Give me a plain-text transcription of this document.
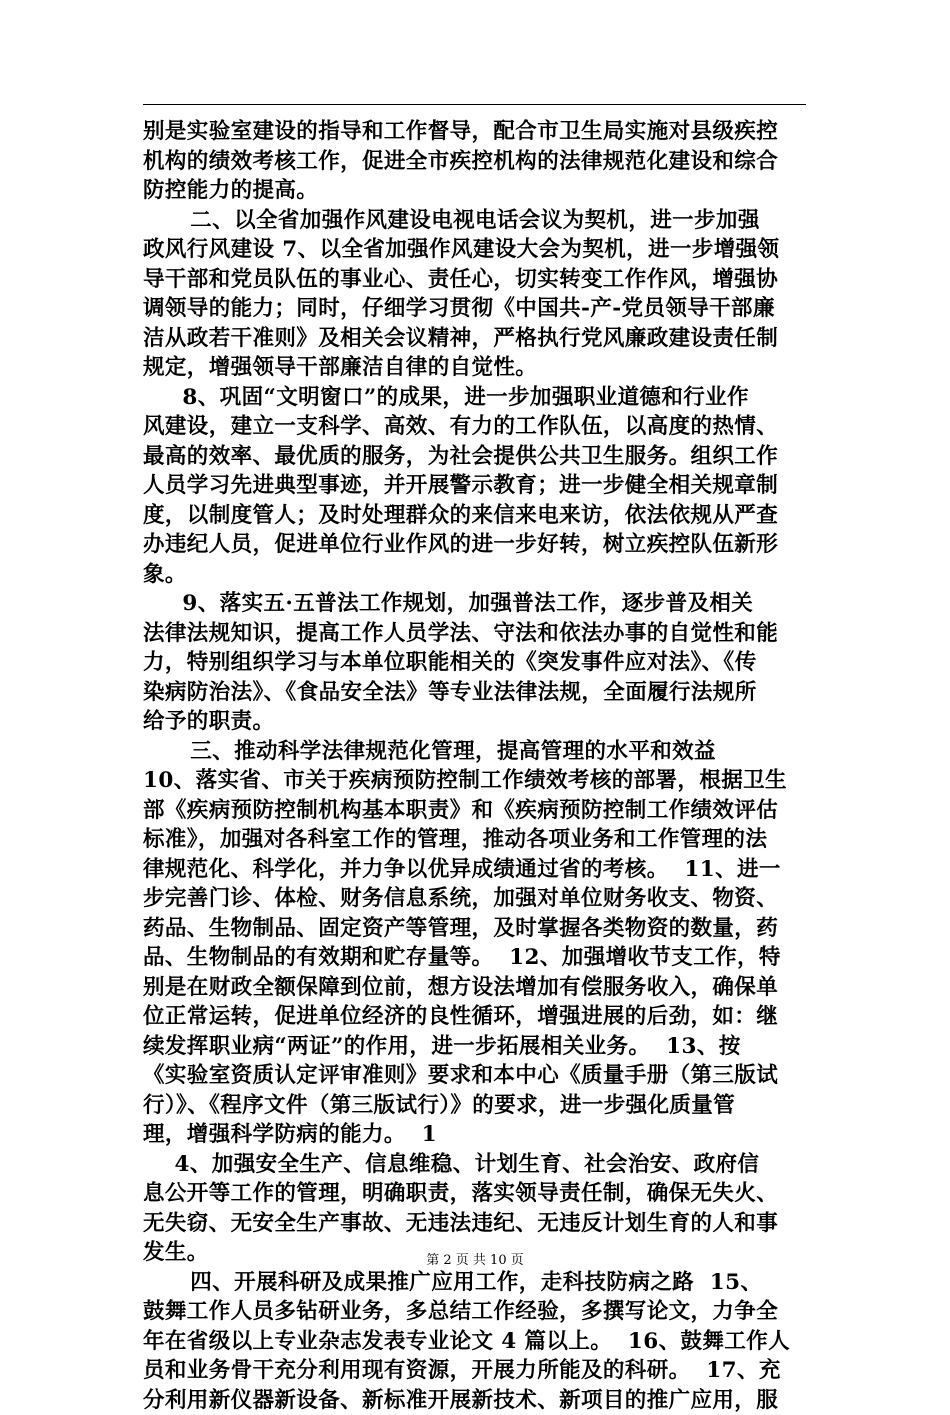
别是实验室建设的指导和工作督导，配合市卫生局实施对县级疾控
机构的绩效考核工作，促进全市疾控机构的法律规范化建设和综合
防控能力的提高。
二、以全省加强作风建设电视电话会议为契机，进一步加强
政风行风建设 7、以全省加强作风建设大会为契机，进一步增强领
导干部和党员队伍的事业心、责任心，切实转变工作作风，增强协
调领导的能力；同时，仔细学习贯彻《中国共-产-党员领导干部廉
洁从政若干准则》及相关会议精神，严格执行党风廉政建设责任制
规定，增强领导干部廉洁自律的自觉性。
8、巩固“文明窗口”的成果，进一步加强职业道德和行业作
风建设，建立一支科学、高效、有力的工作队伍，以高度的热情、
最高的效率、最优质的服务，为社会提供公共卫生服务。组织工作
人员学习先进典型事迹，并开展警示教育；进一步健全相关规章制
度，以制度管人；及时处理群众的来信来电来访，依法依规从严查
办违纪人员，促进单位行业作风的进一步好转，树立疾控队伍新形
象。
9、落实五·五普法工作规划，加强普法工作，逐步普及相关
法律法规知识，提高工作人员学法、守法和依法办事的自觉性和能
力，特别组织学习与本单位职能相关的《突发事件应对法》、《传
染病防治法》、《食品安全法》等专业法律法规，全面履行法规所
给予的职责。
三、推动科学法律规范化管理，提高管理的水平和效益
10、落实省、市关于疾病预防控制工作绩效考核的部署，根据卫生
部《疾病预防控制机构基本职责》和《疾病预防控制工作绩效评估
标准》，加强对各科室工作的管理，推动各项业务和工作管理的法
律规范化、科学化，并力争以优异成绩通过省的考核。  11、进一
步完善门诊、体检、财务信息系统，加强对单位财务收支、物资、
药品、生物制品、固定资产等管理，及时掌握各类物资的数量，药
品、生物制品的有效期和贮存量等。  12、加强增收节支工作，特
别是在财政全额保障到位前，想方设法增加有偿服务收入，确保单
位正常运转，促进单位经济的良性循环，增强进展的后劲，如：继
续发挥职业病“两证”的作用，进一步拓展相关业务。  13、按
《实验室资质认定评审准则》要求和本中心《质量手册（第三版试
行）》、《程序文件（第三版试行）》的要求，进一步强化质量管
理，增强科学防病的能力。  1
4、加强安全生产、信息维稳、计划生育、社会治安、政府信
息公开等工作的管理，明确职责，落实领导责任制，确保无失火、
无失窃、无安全生产事故、无违法违纪、无违反计划生育的人和事
发生。
四、开展科研及成果推广应用工作，走科技防病之路  15、
鼓舞工作人员多钻研业务，多总结工作经验，多撰写论文，力争全
年在省级以上专业杂志发表专业论文 4 篇以上。  16、鼓舞工作人
员和业务骨干充分利用现有资源，开展力所能及的科研。  17、充
分利用新仪器新设备、新标准开展新技术、新项目的推广应用，服
第 2 页 共 10 页
